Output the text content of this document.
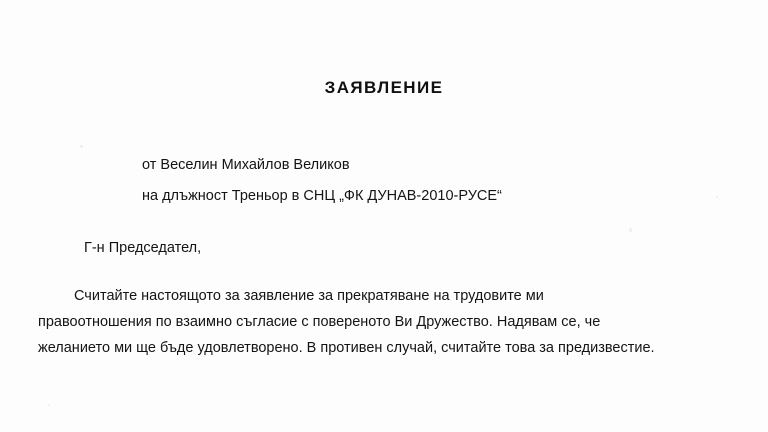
ЗАЯВЛЕНИЕ
от Веселин Михайлов Великов
на длъжност Треньор в СНЦ „ФК ДУНАВ-2010-РУСЕ“
Г-н Председател,
Считайте настоящото за заявление за прекратяване на трудовите ми правоотношения по взаимно съгласие с повереното Ви Дружество. Надявам се, че желанието ми ще бъде удовлетворено. В противен случай, считайте това за предизвестие.
